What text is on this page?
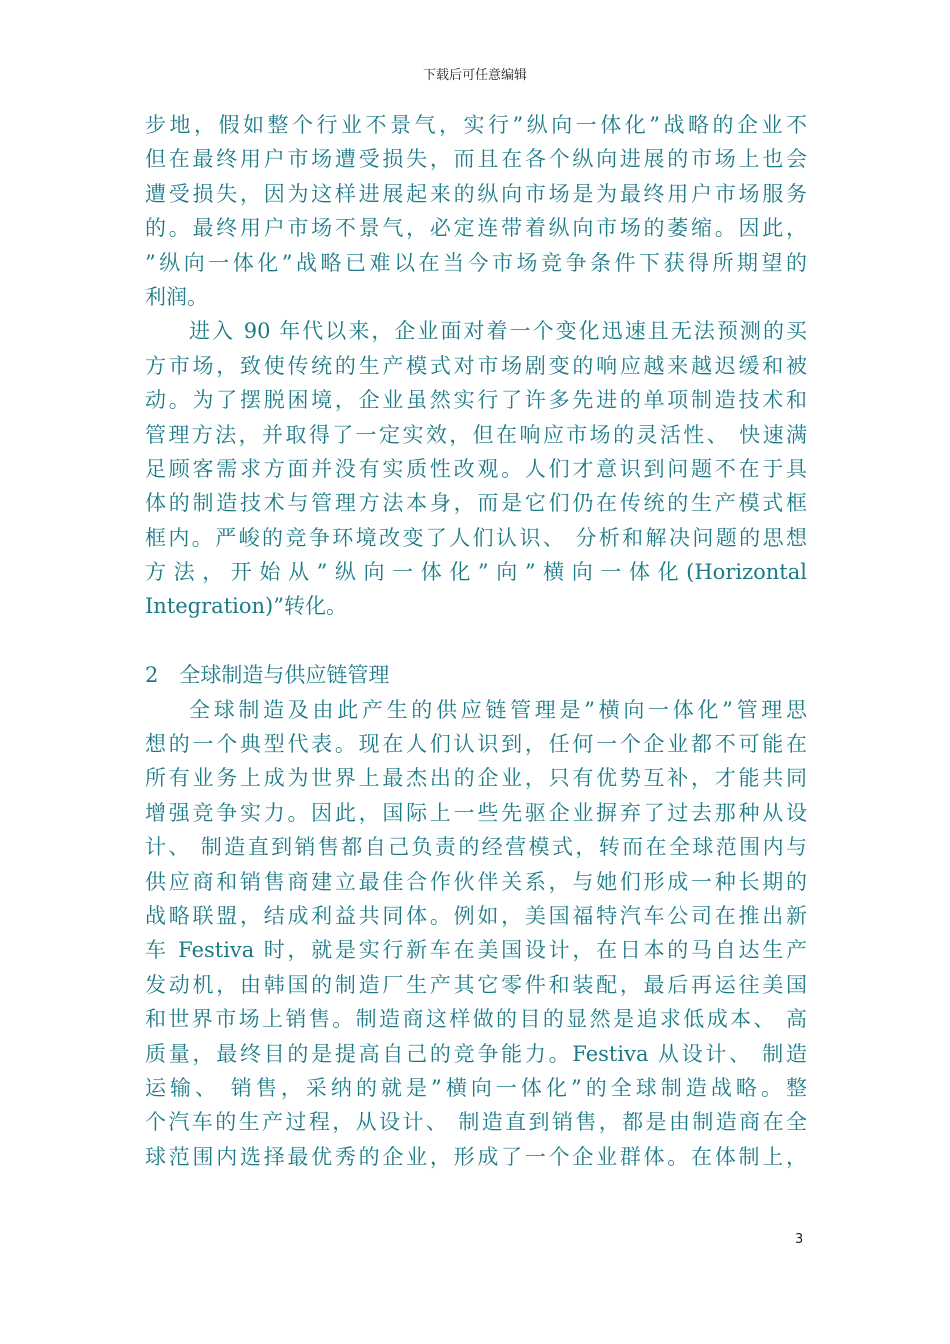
下载后可任意编辑
步地，假如整个行业不景气，实行”纵向一体化”战略的企业不
但在最终用户市场遭受损失，而且在各个纵向进展的市场上也会
遭受损失，因为这样进展起来的纵向市场是为最终用户市场服务
的。最终用户市场不景气，必定连带着纵向市场的萎缩。因此，
”纵向一体化”战略已难以在当今市场竞争条件下获得所期望的
利润。
进入 90 年代以来，企业面对着一个变化迅速且无法预测的买
方市场，致使传统的生产模式对市场剧变的响应越来越迟缓和被
动。为了摆脱困境，企业虽然实行了许多先进的单项制造技术和
管理方法，并取得了一定实效，但在响应市场的灵活性、 快速满
足顾客需求方面并没有实质性改观。人们才意识到问题不在于具
体的制造技术与管理方法本身，而是它们仍在传统的生产模式框
框内。严峻的竞争环境改变了人们认识、 分析和解决问题的思想
方法，开始从”纵向一体化”向”横向一体化(Horizontal
Integration)”转化。
2　全球制造与供应链管理
全球制造及由此产生的供应链管理是”横向一体化”管理思
想的一个典型代表。现在人们认识到，任何一个企业都不可能在
所有业务上成为世界上最杰出的企业，只有优势互补，才能共同
增强竞争实力。因此，国际上一些先驱企业摒弃了过去那种从设
计、 制造直到销售都自己负责的经营模式，转而在全球范围内与
供应商和销售商建立最佳合作伙伴关系，与她们形成一种长期的
战略联盟，结成利益共同体。例如，美国福特汽车公司在推出新
车 Festiva 时，就是实行新车在美国设计，在日本的马自达生产
发动机，由韩国的制造厂生产其它零件和装配，最后再运往美国
和世界市场上销售。制造商这样做的目的显然是追求低成本、 高
质量，最终目的是提高自己的竞争能力。Festiva 从设计、 制造
运输、 销售，采纳的就是”横向一体化”的全球制造战略。整
个汽车的生产过程，从设计、 制造直到销售，都是由制造商在全
球范围内选择最优秀的企业，形成了一个企业群体。在体制上，
3
